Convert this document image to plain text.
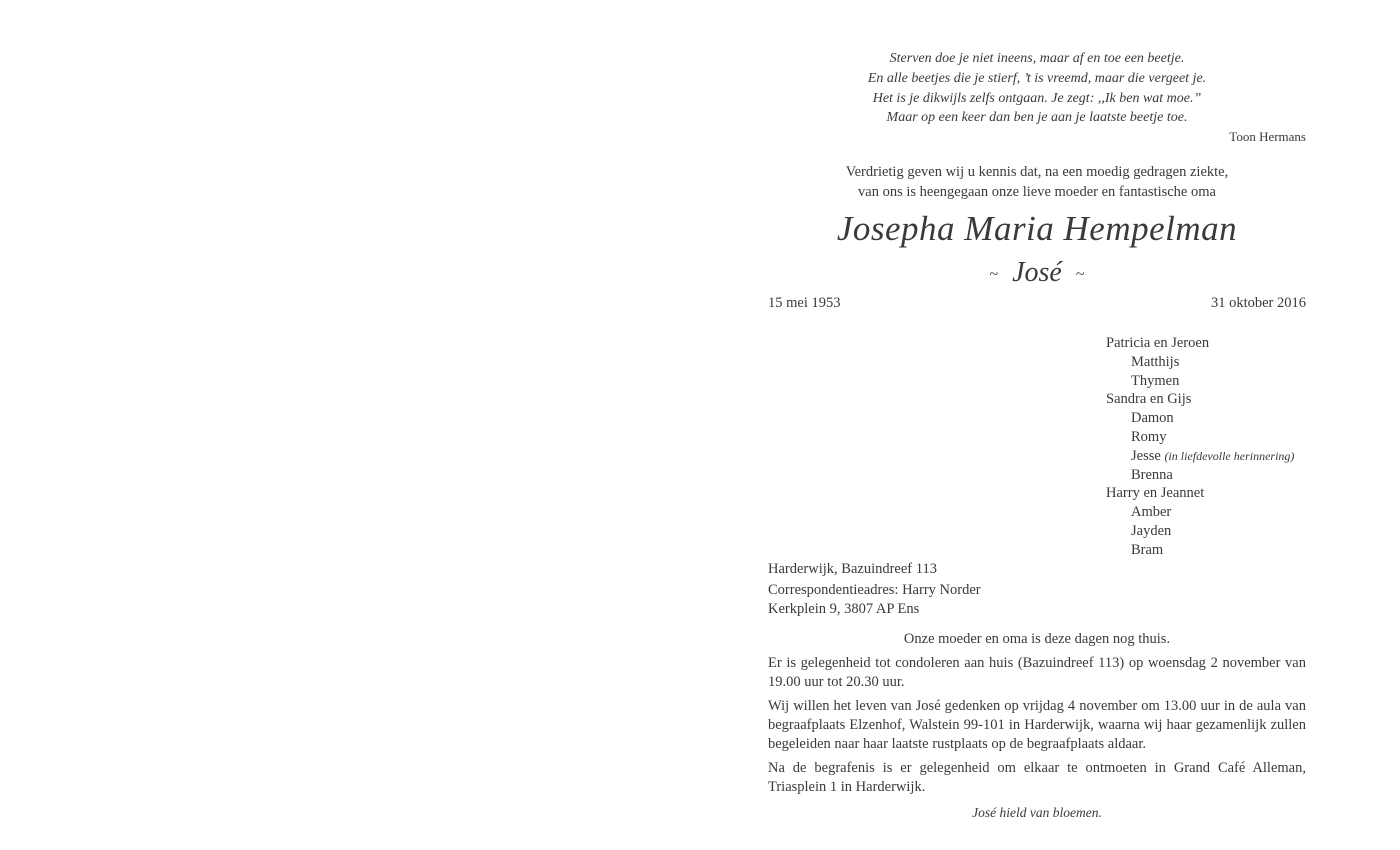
Sterven doe je niet ineens, maar af en toe een beetje.
En alle beetjes die je stierf, ’t is vreemd, maar die vergeet je.
Het is je dikwijls zelfs ontgaan. Je zegt: ,,Ik ben wat moe.”
Maar op een keer dan ben je aan je laatste beetje toe.
Toon Hermans
Verdrietig geven wij u kennis dat, na een moedig gedragen ziekte,
van ons is heengegaan onze lieve moeder en fantastische oma
Josepha Maria Hempelman
~ José ~
15 mei 1953	31 oktober 2016
Patricia en Jeroen
Matthijs
Thymen
Sandra en Gijs
Damon
Romy
Jesse (in liefdevolle herinnering)
Brenna
Harry en Jeannet
Amber
Jayden
Bram
Harderwijk, Bazuindreef 113
Correspondentieadres: Harry Norder
Kerkplein 9, 3807 AP Ens

Onze moeder en oma is deze dagen nog thuis.

Er is gelegenheid tot condoleren aan huis (Bazuindreef 113) op woensdag 2 november van 19.00 uur tot 20.30 uur.

Wij willen het leven van José gedenken op vrijdag 4 november om 13.00 uur in de aula van begraafplaats Elzenhof, Walstein 99-101 in Harderwijk, waarna wij haar gezamenlijk zullen begeleiden naar haar laatste rustplaats op de begraafplaats aldaar.

Na de begrafenis is er gelegenheid om elkaar te ontmoeten in Grand Café Alleman, Triasplein 1 in Harderwijk.

José hield van bloemen.
